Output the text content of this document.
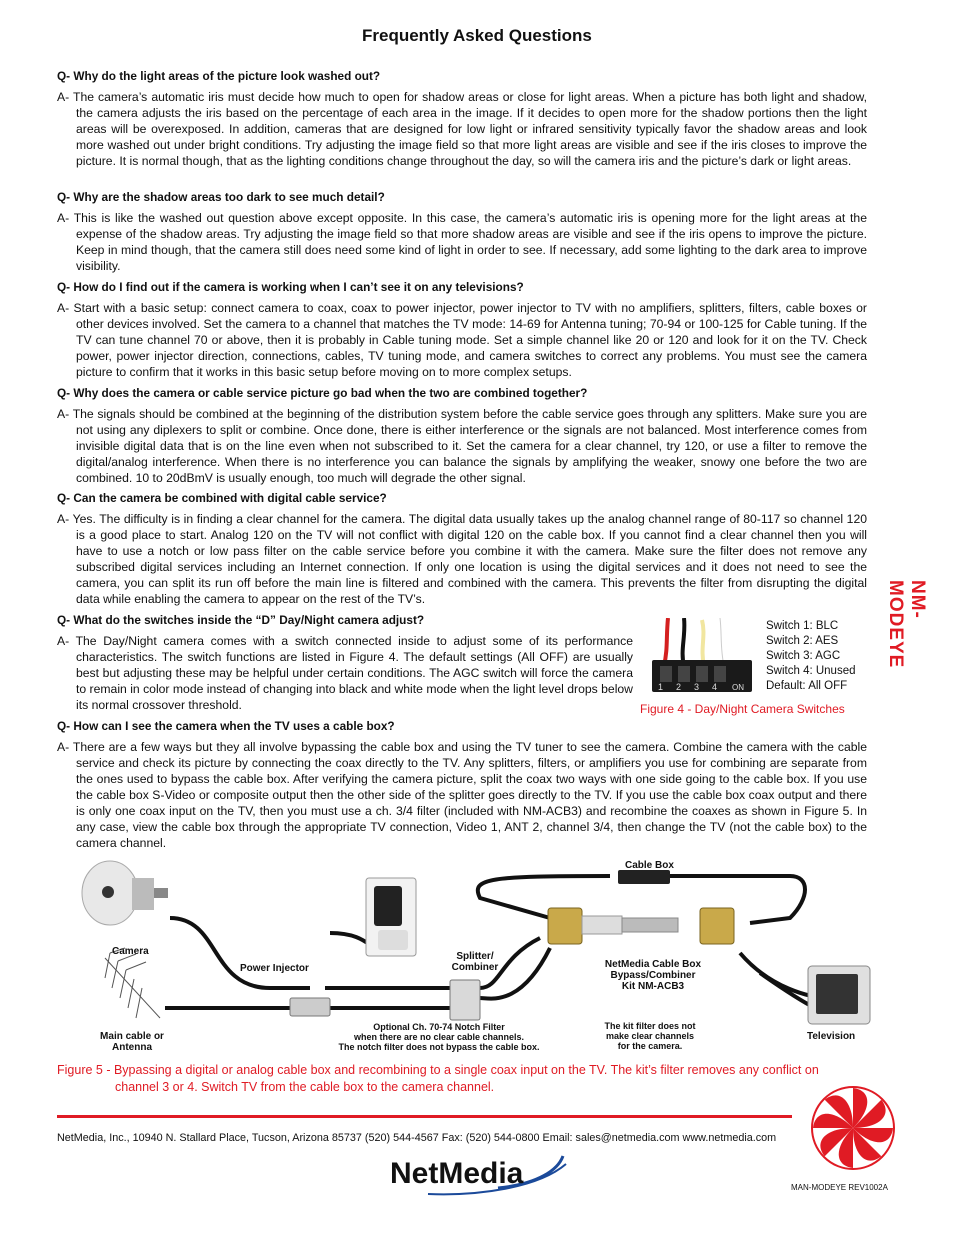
Frequently Asked Questions
Q- Why do the light areas of the picture look washed out?

A- The camera’s automatic iris must decide how much to open for shadow areas or close for light areas. When a picture has both light and shadow, the camera adjusts the iris based on the percentage of each area in the image. If it decides to open more for the shadow portions then the light areas will be overexposed. In addition, cameras that are designed for low light or infrared sensitivity typically favor the shadow areas and look more washed out under bright conditions. Try adjusting the image field so that more light areas are visible and see if the iris closes to improve the picture. It is normal though, that as the lighting conditions change throughout the day, so will the camera iris and the picture’s dark or light areas.

Q- Why are the shadow areas too dark to see much detail?

A- This is like the washed out question above except opposite. In this case, the camera’s automatic iris is opening more for the light areas at the expense of the shadow areas. Try adjusting the image field so that more shadow areas are visible and see if the iris opens to improve the picture. Keep in mind though, that the camera still does need some kind of light in order to see. If necessary, add some lighting to the dark area to improve visibility.

Q- How do I find out if the camera is working when I can’t see it on any televisions?

A- Start with a basic setup: connect camera to coax, coax to power injector, power injector to TV with no amplifiers, splitters, filters, cable boxes or other devices involved. Set the camera to a channel that matches the TV mode: 14-69 for Antenna tuning; 70-94 or 100-125 for Cable tuning. If the TV can tune channel 70 or above, then it is probably in Cable tuning mode. Set a simple channel like 20 or 120 and look for it on the TV. Check power, power injector direction, connections, cables, TV tuning mode, and camera switches to correct any problems. You must see the camera picture to confirm that it works in this basic setup before moving on to more complex setups.

Q- Why does the camera or cable service picture go bad when the two are combined together?

A- The signals should be combined at the beginning of the distribution system before the cable service goes through any splitters. Make sure you are not using any diplexers to split or combine. Once done, there is either interference or the signals are not balanced. Most interference comes from invisible digital data that is on the line even when not subscribed to it. Set the camera for a clear channel, try 120, or use a filter to remove the digital/analog interference. When there is no interference you can balance the signals by amplifying the weaker, snowy one before the two are combined. 10 to 20dBmV is usually enough, too much will degrade the other signal.

Q- Can the camera be combined with digital cable service?

A- Yes. The difficulty is in finding a clear channel for the camera. The digital data usually takes up the analog channel range of 80-117 so channel 120 is a good place to start. Analog 120 on the TV will not conflict with digital 120 on the cable box. If you cannot find a clear channel then you will have to use a notch or low pass filter on the cable service before you combine it with the camera. Make sure the filter does not remove any subscribed digital services including an Internet connection. If only one location is using the digital services and it does not need to see the camera, you can split its run off before the main line is filtered and combined with the camera. This prevents the filter from disrupting the digital data while enabling the camera to appear on the rest of the TV’s.

Q- What do the switches inside the “D” Day/Night camera adjust?

A- The Day/Night camera comes with a switch connected inside to adjust some of its performance characteristics. The switch functions are listed in Figure 4. The default settings (All OFF) are usually best but adjusting these may be helpful under certain conditions. The AGC switch will force the camera to remain in color mode instead of changing into black and white mode when the light level drops below its normal crossover threshold.

Q- How can I see the camera when the TV uses a cable box?

A- There are a few ways but they all involve bypassing the cable box and using the TV tuner to see the camera. Combine the camera with the cable service and check its picture by connecting the coax directly to the TV. Any splitters, filters, or amplifiers you use for combining are separate from the ones used to bypass the cable box. After verifying the camera picture, split the coax two ways with one side going to the cable box. If you use the cable box S-Video or composite output then the other side of the splitter goes directly to the TV. If you use the cable box coax output and there is only one coax input on the TV, then you must use a ch. 3/4 filter (included with NM-ACB3) and recombine the coaxes as shown in Figure 5. In any case, view the cable box through the appropriate TV connection, Video 1, ANT 2, channel 3/4, then change the TV (not the cable box) to the camera channel.

NM-MODEYE
1 2 3 4 ON
Switch 1: BLC
Switch 2: AES
Switch 3: AGC
Switch 4: Unused
Default: All OFF
Figure 4 - Day/Night Camera Switches
Cable Box
Camera
Power Injector
Splitter/
Combiner	NetMedia Cable Box
Bypass/Combiner
Kit NM-ACB3
Main cable or
Antenna
Optional Ch. 70-74 Notch Filter
when there are no clear cable channels.
The notch filter does not bypass the cable box.
The kit filter does not
make clear channels
for the camera.
Television
Figure 5 - Bypassing a digital or analog cable box and recombining to a single coax input on the TV. The kit’s filter removes any conflict on
channel 3 or 4. Switch TV from the cable box to the camera channel.
NetMedia, Inc., 10940 N. Stallard Place, Tucson, Arizona 85737 (520) 544-4567 Fax: (520) 544-0800 Email: sales@netmedia.com www.netmedia.com
NetMedia	MAN-MODEYE REV1002A
